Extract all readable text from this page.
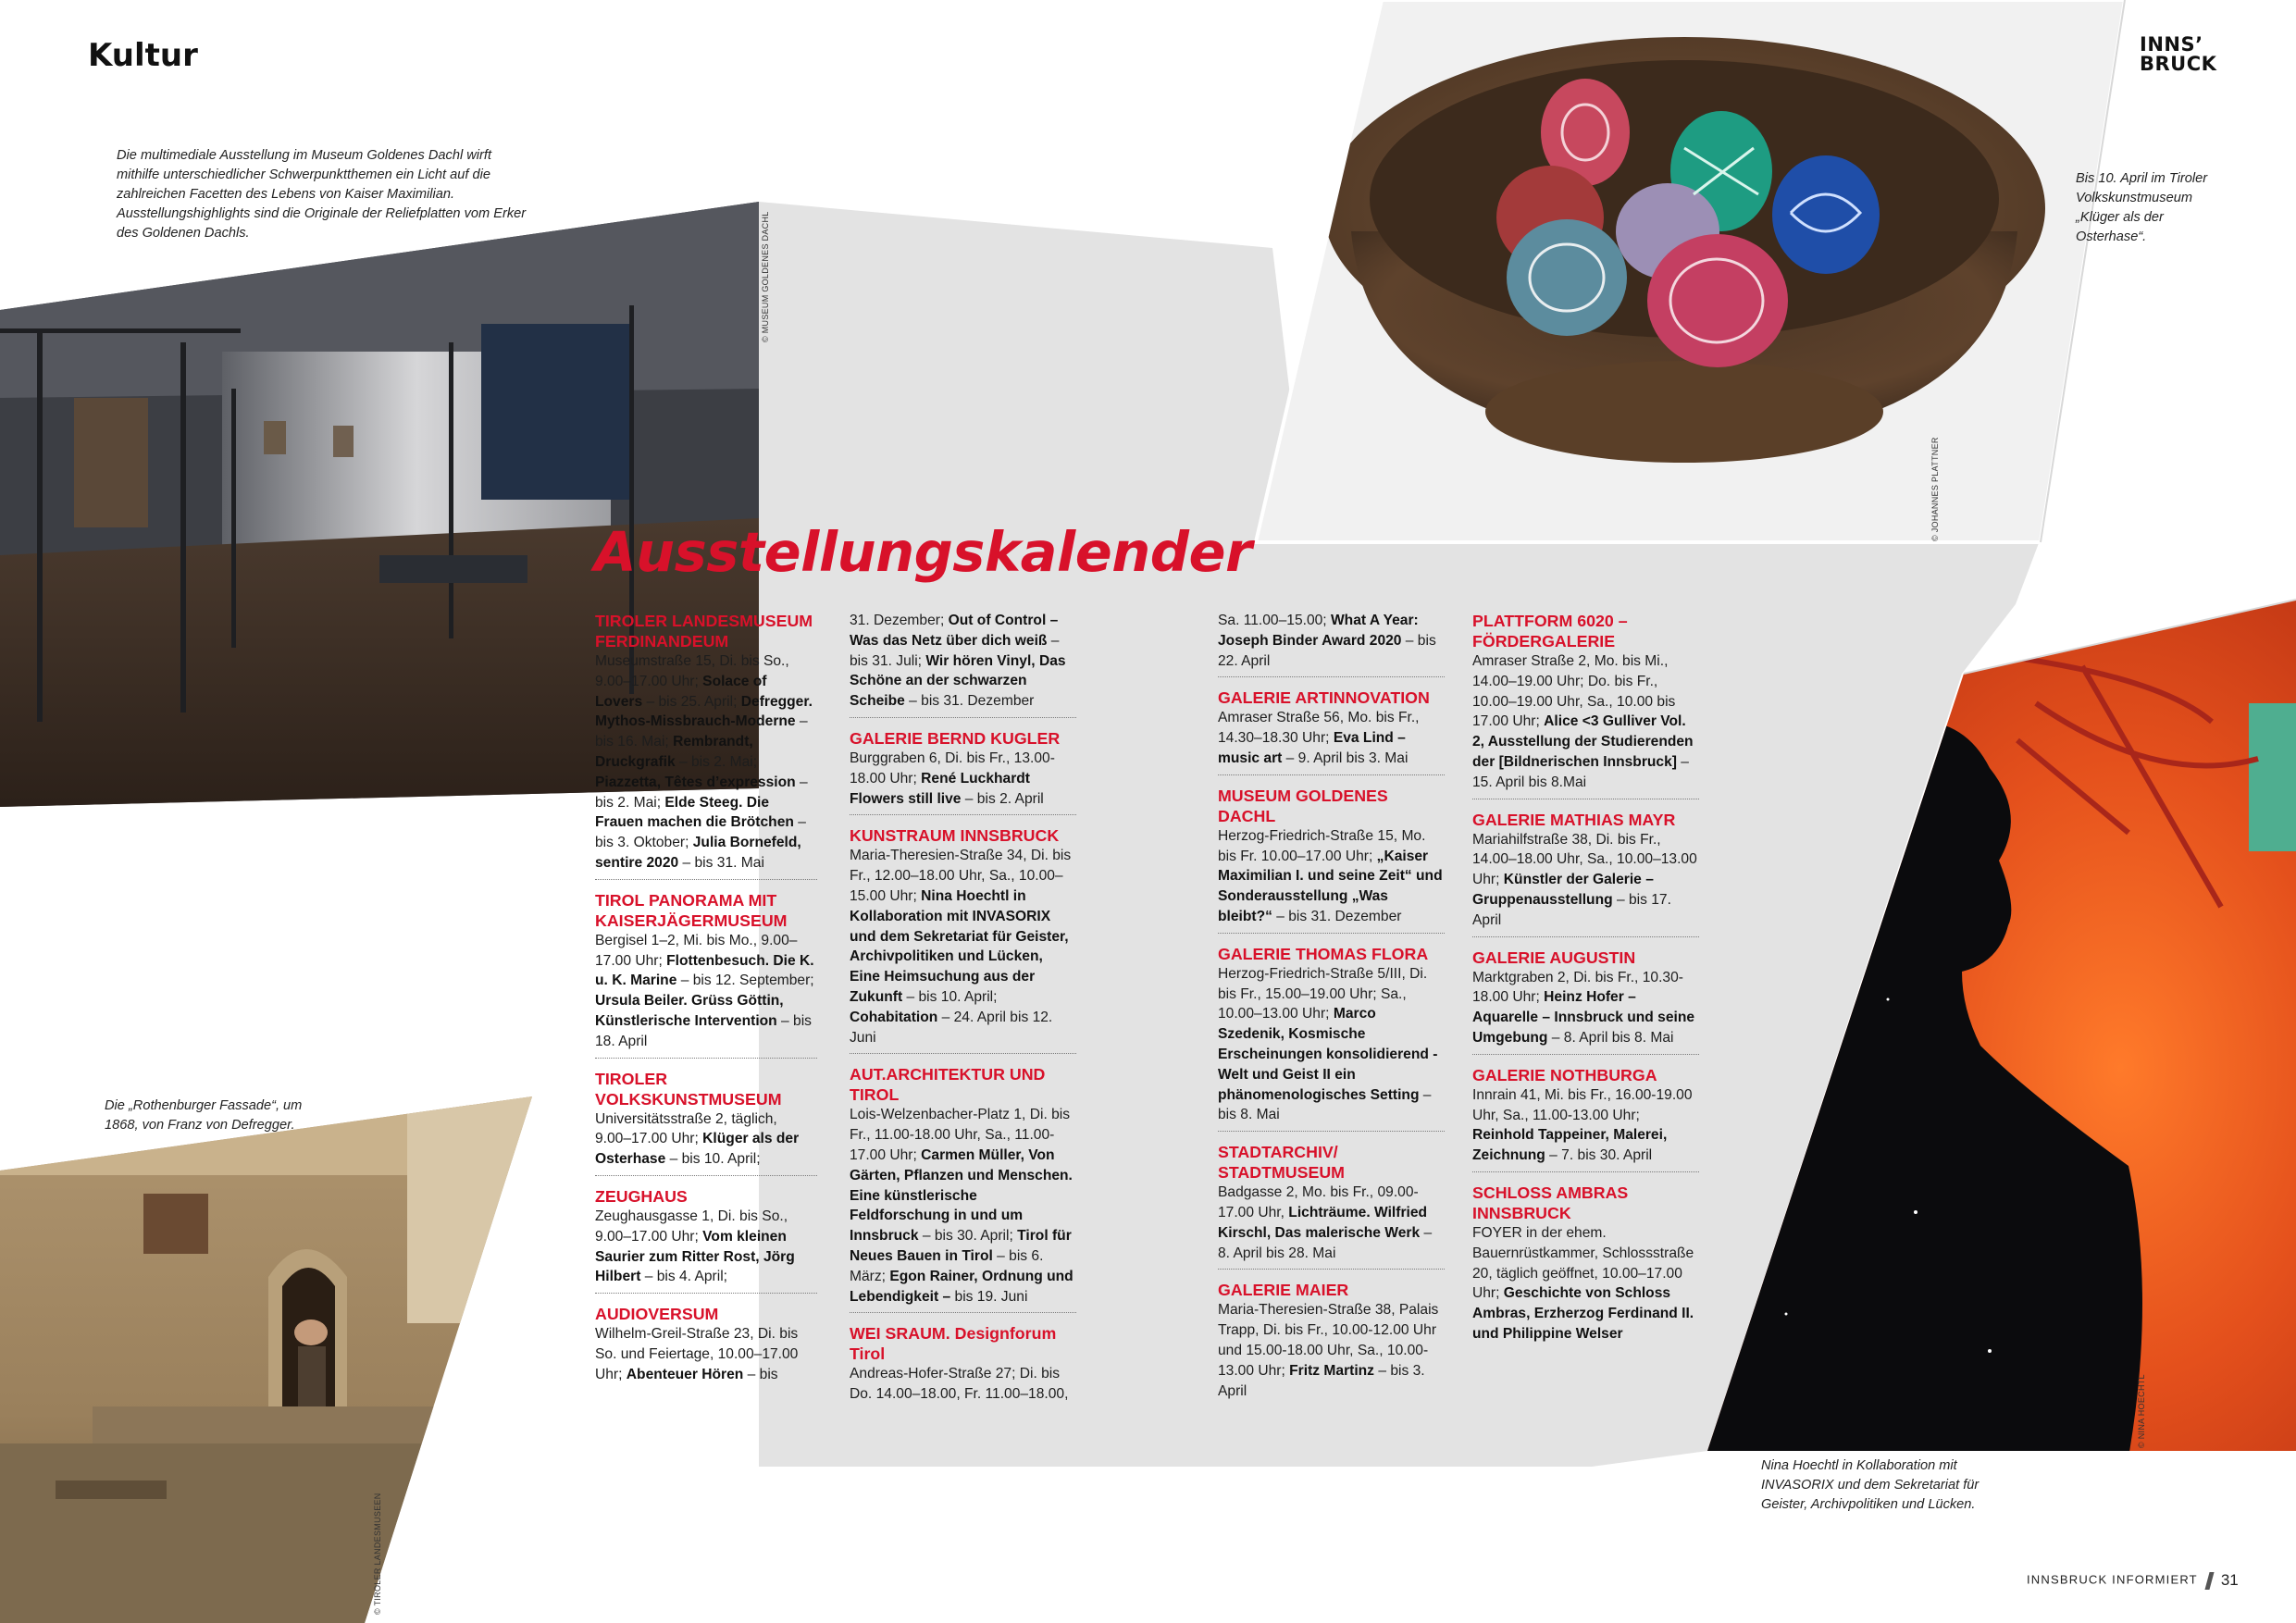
Kultur	INNS’
BRUCK
Die multimediale Ausstellung im Museum Goldenes Dachl wirft mithilfe unterschiedlicher Schwerpunktthemen ein Licht auf die zahlreichen Facetten des Lebens von Kaiser Maximilian. Ausstellungshighlights sind die Originale der Reliefplatten vom Erker des Goldenen Dachls.
Bis 10. April im Tiroler Volkskunstmuseum „Klüger als der Osterhase“.
Die „Rothenburger Fassade“, um 1868, von Franz von Defregger.
Nina Hoechtl in Kollaboration mit INVASORIX und dem Sekretariat für Geister, Archivpolitiken und Lücken.
© MUSEUM GOLDENES DACHL
© JOHANNES PLATTNER
© TIROLER LANDESMUSEEN
© NINA HOECHTL
Ausstellungskalender
TIROLER LANDESMUSEUM FERDINANDEUM

Museumstraße 15, Di. bis So., 9.00–17.00 Uhr; Solace of Lovers – bis 25. April; Defregger. Mythos-Missbrauch-Moderne – bis 16. Mai; Rembrandt, Druckgrafik – bis 2. Mai; Piazzetta, Têtes d’expression – bis 2. Mai; Elde Steeg. Die Frauen machen die Brötchen – bis 3. Oktober; Julia Bornefeld, sentire 2020 – bis 31. Mai

TIROL PANORAMA MIT KAISERJÄGERMUSEUM

Bergisel 1–2, Mi. bis Mo., 9.00–17.00 Uhr; Flottenbesuch. Die K. u. K. Marine – bis 12. September; Ursula Beiler. Grüss Göttin, Künstlerische Intervention – bis 18. April

TIROLER VOLKSKUNSTMUSEUM

Universitätsstraße 2, täglich, 9.00–17.00 Uhr; Klüger als der Osterhase – bis 10. April;

ZEUGHAUS

Zeughausgasse 1, Di. bis So., 9.00–17.00 Uhr; Vom kleinen Saurier zum Ritter Rost, Jörg Hilbert – bis 4. April;

AUDIOVERSUM

Wilhelm-Greil-Straße 23, Di. bis So. und Feiertage, 10.00–17.00 Uhr; Abenteuer Hören – bis

31. Dezember; Out of Control – Was das Netz über dich weiß – bis 31. Juli; Wir hören Vinyl, Das Schöne an der schwarzen Scheibe – bis 31. Dezember

GALERIE BERND KUGLER

Burggraben 6, Di. bis Fr., 13.00-18.00 Uhr; René Luckhardt Flowers still live – bis 2. April

KUNSTRAUM INNSBRUCK

Maria-Theresien-Straße 34, Di. bis Fr., 12.00–18.00 Uhr, Sa., 10.00–15.00 Uhr; Nina Hoechtl in Kollaboration mit INVASORIX und dem Sekretariat für Geister, Archivpolitiken und Lücken, Eine Heimsuchung aus der Zukunft – bis 10. April; Cohabitation – 24. April bis 12. Juni

AUT.ARCHITEKTUR UND TIROL

Lois-Welzenbacher-Platz 1, Di. bis Fr., 11.00-18.00 Uhr, Sa., 11.00-17.00 Uhr; Carmen Müller, Von Gärten, Pflanzen und Menschen. Eine künstlerische Feldforschung in und um Innsbruck – bis 30. April; Tirol für Neues Bauen in Tirol – bis 6. März; Egon Rainer, Ordnung und Lebendigkeit – bis 19. Juni

WEI SRAUM. Designforum Tirol

Andreas-Hofer-Straße 27; Di. bis Do. 14.00–18.00, Fr. 11.00–18.00,

Sa. 11.00–15.00; What A Year: Joseph Binder Award 2020 – bis 22. April

GALERIE ARTINNOVATION

Amraser Straße 56, Mo. bis Fr., 14.30–18.30 Uhr; Eva Lind – music art – 9. April bis 3. Mai

MUSEUM GOLDENES DACHL

Herzog-Friedrich-Straße 15, Mo. bis Fr. 10.00–17.00 Uhr; „Kaiser Maximilian I. und seine Zeit“ und Sonderausstellung „Was bleibt?“ – bis 31. Dezember

GALERIE THOMAS FLORA

Herzog-Friedrich-Straße 5/III, Di. bis Fr., 15.00–19.00 Uhr; Sa., 10.00–13.00 Uhr; Marco Szedenik, Kosmische Erscheinungen konsolidierend - Welt und Geist II ein phänomenologisches Setting – bis 8. Mai

STADTARCHIV/ STADTMUSEUM

Badgasse 2, Mo. bis Fr., 09.00-17.00 Uhr, Lichträume. Wilfried Kirschl, Das malerische Werk – 8. April bis 28. Mai

GALERIE MAIER

Maria-Theresien-Straße 38, Palais Trapp, Di. bis Fr., 10.00-12.00 Uhr und 15.00-18.00 Uhr, Sa., 10.00-13.00 Uhr; Fritz Martinz – bis 3. April

PLATTFORM 6020 – FÖRDERGALERIE

Amraser Straße 2, Mo. bis Mi., 14.00–19.00 Uhr; Do. bis Fr., 10.00–19.00 Uhr, Sa., 10.00 bis 17.00 Uhr; Alice <3 Gulliver Vol. 2, Ausstellung der Studierenden der [Bildnerischen Innsbruck] – 15. April bis 8.Mai

GALERIE MATHIAS MAYR

Mariahilfstraße 38, Di. bis Fr., 14.00–18.00 Uhr, Sa., 10.00–13.00 Uhr; Künstler der Galerie – Gruppenausstellung – bis 17. April

GALERIE AUGUSTIN

Marktgraben 2, Di. bis Fr., 10.30-18.00 Uhr; Heinz Hofer – Aquarelle – Innsbruck und seine Umgebung – 8. April bis 8. Mai

GALERIE NOTHBURGA

Innrain 41, Mi. bis Fr., 16.00-19.00 Uhr, Sa., 11.00-13.00 Uhr; Reinhold Tappeiner, Malerei, Zeichnung – 7. bis 30. April

SCHLOSS AMBRAS INNSBRUCK

FOYER in der ehem. Bauernrüstkammer, Schlossstraße 20, täglich geöffnet, 10.00–17.00 Uhr; Geschichte von Schloss Ambras, Erzherzog Ferdinand II. und Philippine Welser

INNSBRUCK INFORMIERT 31
